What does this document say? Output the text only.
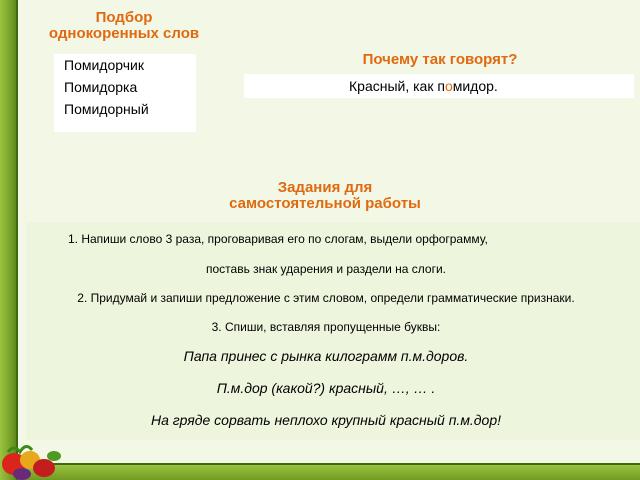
Подбор
однокоренных слов
Помидорчик
Помидорка
Помидорный
Почему так говорят?
Красный, как помидор.
Задания для
самостоятельной работы
1. Напиши слово 3 раза, проговаривая его по слогам, выдели орфограмму,
поставь знак ударения и раздели на слоги.
2. Придумай и запиши предложение с этим словом, определи грамматические признаки.
3. Спиши, вставляя пропущенные буквы:
Папа принес с рынка килограмм п.м.доров.
П.м.дор (какой?) красный, …, … .
На гряде сорвать неплохо крупный красный п.м.дор!
